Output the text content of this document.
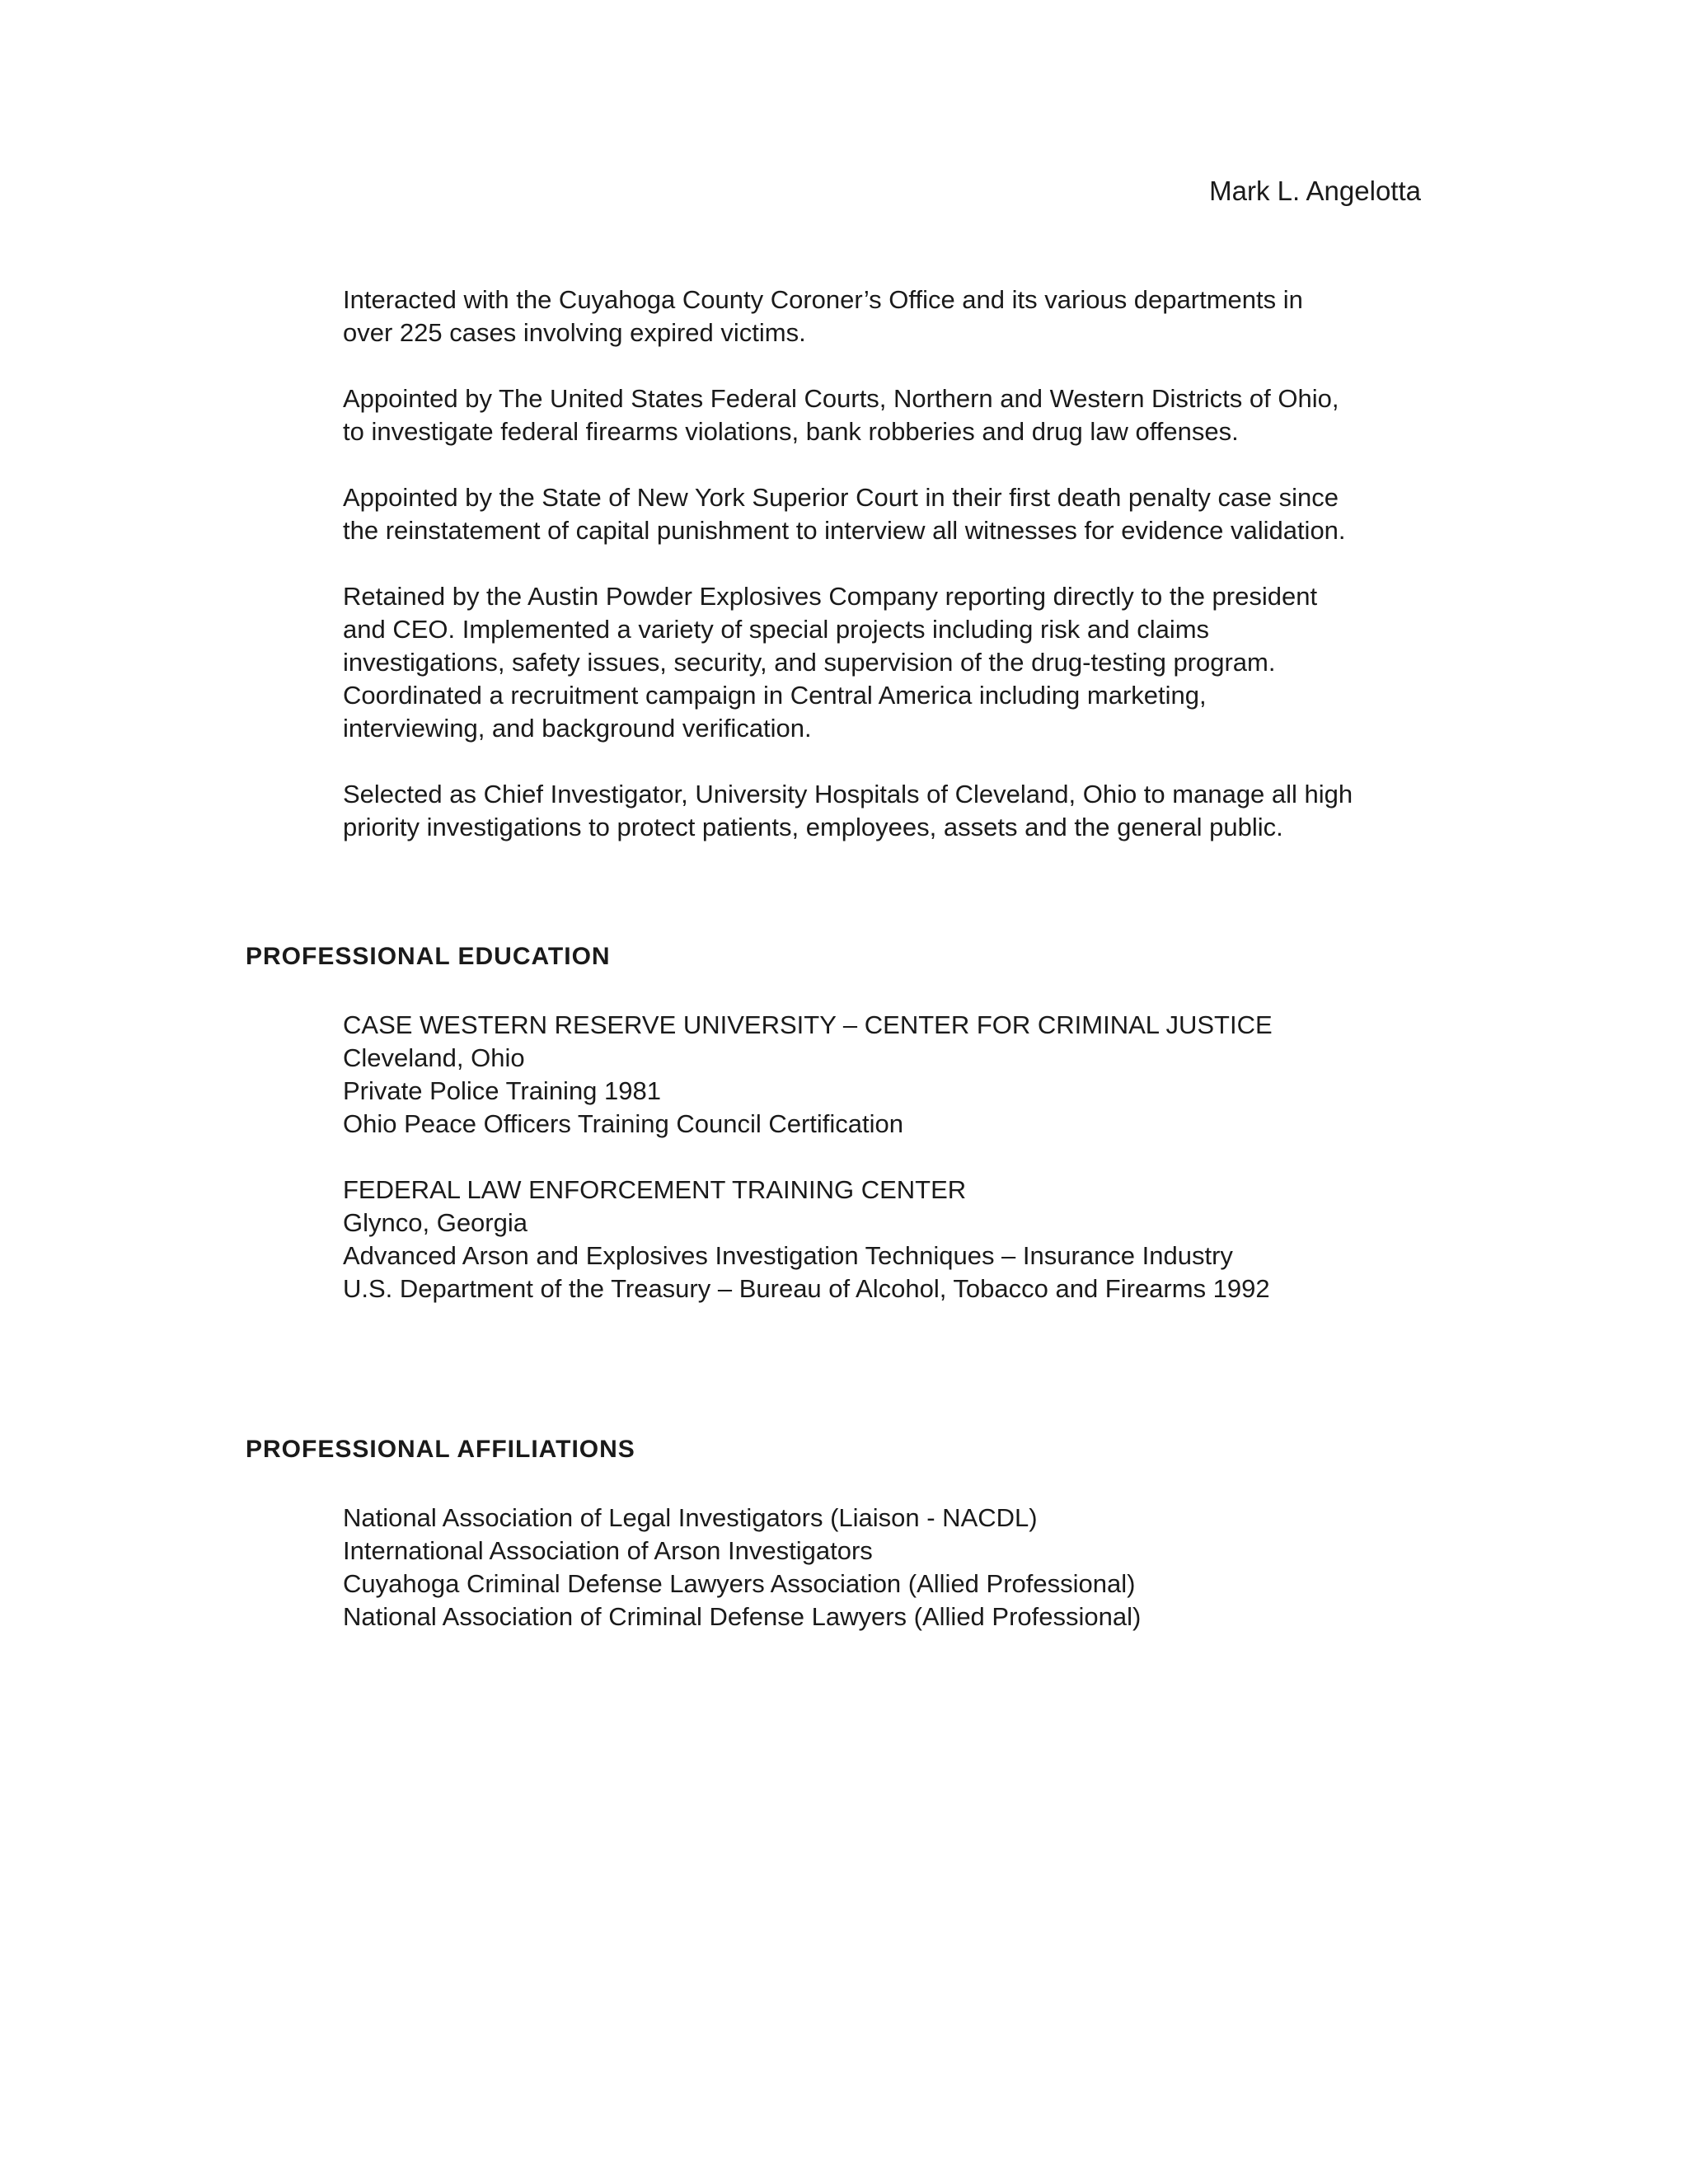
Mark L. Angelotta

Interacted with the Cuyahoga County Coroner’s Office and its various departments in
over 225 cases involving expired victims.

Appointed by The United States Federal Courts, Northern and Western Districts of Ohio,
to investigate federal firearms violations, bank robberies and drug law offenses.

Appointed by the State of New York Superior Court in their first death penalty case since
the reinstatement of capital punishment to interview all witnesses for evidence validation.

Retained by the Austin Powder Explosives Company reporting directly to the president
and CEO. Implemented a variety of special projects including risk and claims
investigations, safety issues, security, and supervision of the drug-testing program.
Coordinated a recruitment campaign in Central America including marketing,
interviewing, and background verification.

Selected as Chief Investigator, University Hospitals of Cleveland, Ohio to manage all high
priority investigations to protect patients, employees, assets and the general public.

PROFESSIONAL EDUCATION
CASE WESTERN RESERVE UNIVERSITY – CENTER FOR CRIMINAL JUSTICE
Cleveland, Ohio
Private Police Training 1981
Ohio Peace Officers Training Council Certification
FEDERAL LAW ENFORCEMENT TRAINING CENTER
Glynco, Georgia
Advanced Arson and Explosives Investigation Techniques – Insurance Industry
U.S. Department of the Treasury – Bureau of Alcohol, Tobacco and Firearms 1992
PROFESSIONAL AFFILIATIONS
National Association of Legal Investigators (Liaison - NACDL)
International Association of Arson Investigators
Cuyahoga Criminal Defense Lawyers Association (Allied Professional)
National Association of Criminal Defense Lawyers (Allied Professional)
